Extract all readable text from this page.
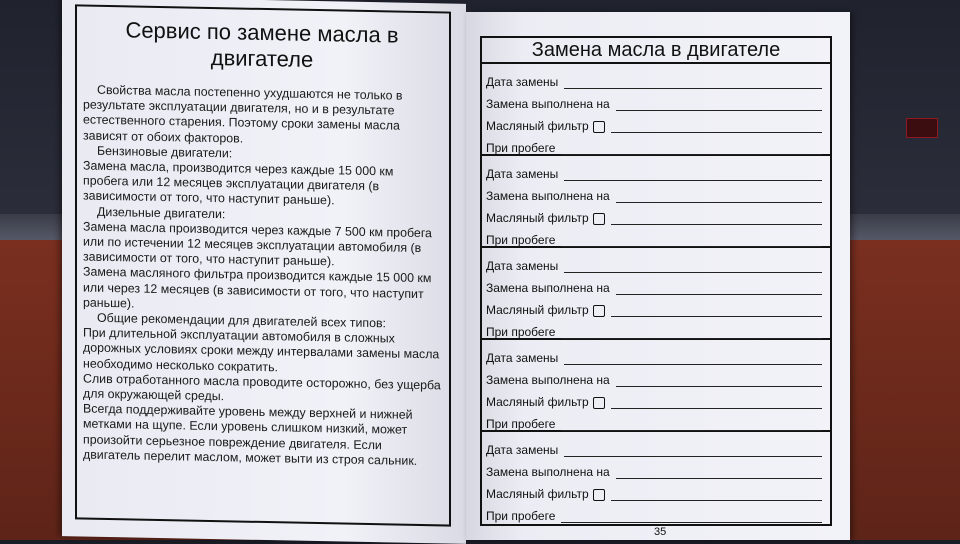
Сервис по замене масла в
двигателе

Свойства масла постепенно ухудшаются не только в результате эксплуатации двигателя, но и в результате естественного старения. Поэтому сроки замены масла зависят от обоих факторов.

Бензиновые двигатели:

Замена масла, производится через каждые 15 000 км пробега или 12 месяцев эксплуатации двигателя (в зависимости от того, что наступит раньше).

Дизельные двигатели:

Замена масла производится через каждые 7 500 км пробега или по истечении 12 месяцев эксплуатации автомобиля (в зависимости от того, что наступит раньше).

Замена масляного фильтра производится каждые 15 000 км или через 12 месяцев (в зависимости от того, что наступит раньше).

Общие рекомендации для двигателей всех типов:

При длительной эксплуатации автомобиля в сложных дорожных условиях сроки между интервалами замены масла необходимо несколько сократить.

Слив отработанного масла проводите осторожно, без ущерба для окружающей среды.

Всегда поддерживайте уровень между верхней и нижней метками на щупе. Если уровень слишком низкий, может произойти серьезное повреждение двигателя. Если двигатель перелит маслом, может выти из строя сальник.

Замена масла в двигателе
Дата замены
Замена выполнена на
Масляный фильтр
При пробеге
Дата замены
Замена выполнена на
Масляный фильтр
При пробеге
Дата замены
Замена выполнена на
Масляный фильтр
При пробеге
Дата замены
Замена выполнена на
Масляный фильтр
При пробеге
Дата замены
Замена выполнена на
Масляный фильтр
При пробеге
35
